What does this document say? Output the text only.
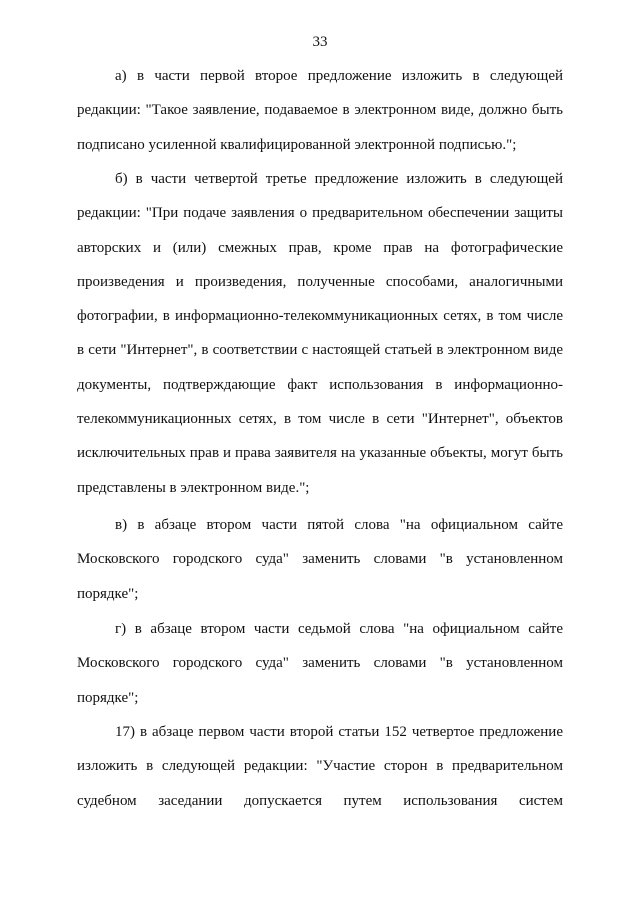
33

а) в части первой второе предложение изложить в следующей редакции: "Такое заявление, подаваемое в электронном виде, должно быть подписано усиленной квалифицированной электронной подписью.";

б) в части четвертой третье предложение изложить в следующей редакции: "При подаче заявления о предварительном обеспечении защиты авторских и (или) смежных прав, кроме прав на фотографические произведения и произведения, полученные способами, аналогичными фотографии, в информационно-телекоммуникационных сетях, в том числе в сети "Интернет", в соответствии с настоящей статьей в электронном виде документы, подтверждающие факт использования в информационно-телекоммуникационных сетях, в том числе в сети "Интернет", объектов исключительных прав и права заявителя на указанные объекты, могут быть представлены в электронном виде.";

в) в абзаце втором части пятой слова "на официальном сайте Московского городского суда" заменить словами "в установленном порядке";

г) в абзаце втором части седьмой слова "на официальном сайте Московского городского суда" заменить словами "в установленном порядке";

17) в абзаце первом части второй статьи 152 четвертое предложение изложить в следующей редакции: "Участие сторон в предварительном судебном заседании допускается путем использования систем
